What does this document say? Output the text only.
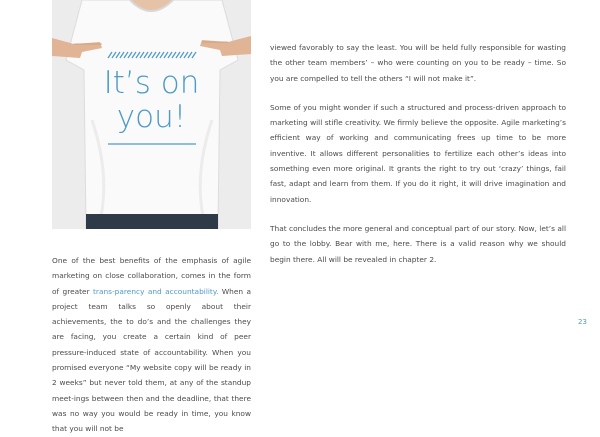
It’s on
you!

viewed favorably to say the least. You will be held fully responsible for wasting the other team members’ – who were counting on you to be ready – time. So you are compelled to tell the others “I will not make it”.

Some of you might wonder if such a structured and process-driven approach to marketing will stifle creativity. We firmly believe the opposite. Agile marketing’s efficient way of working and communicating frees up time to be more inventive. It allows different personalities to fertilize each other’s ideas into something even more original. It grants the right to try out ‘crazy’ things, fail fast, adapt and learn from them. If you do it right, it will drive imagination and innovation.

That concludes the more general and conceptual part of our story. Now, let’s all go to the lobby. Bear with me, here. There is a valid reason why we should begin there. All will be revealed in chapter 2.

One of the best benefits of the emphasis of agile marketing on close collaboration, comes in the form of greater trans-parency and accountability. When a project team talks so openly about their achievements, the to do’s and the challenges they are facing, you create a certain kind of peer pressure-induced state of accountability. When you promised everyone “My website copy will be ready in 2 weeks” but never told them, at any of the standup meet-ings between then and the deadline, that there was no way you would be ready in time, you know that you will not be

23
